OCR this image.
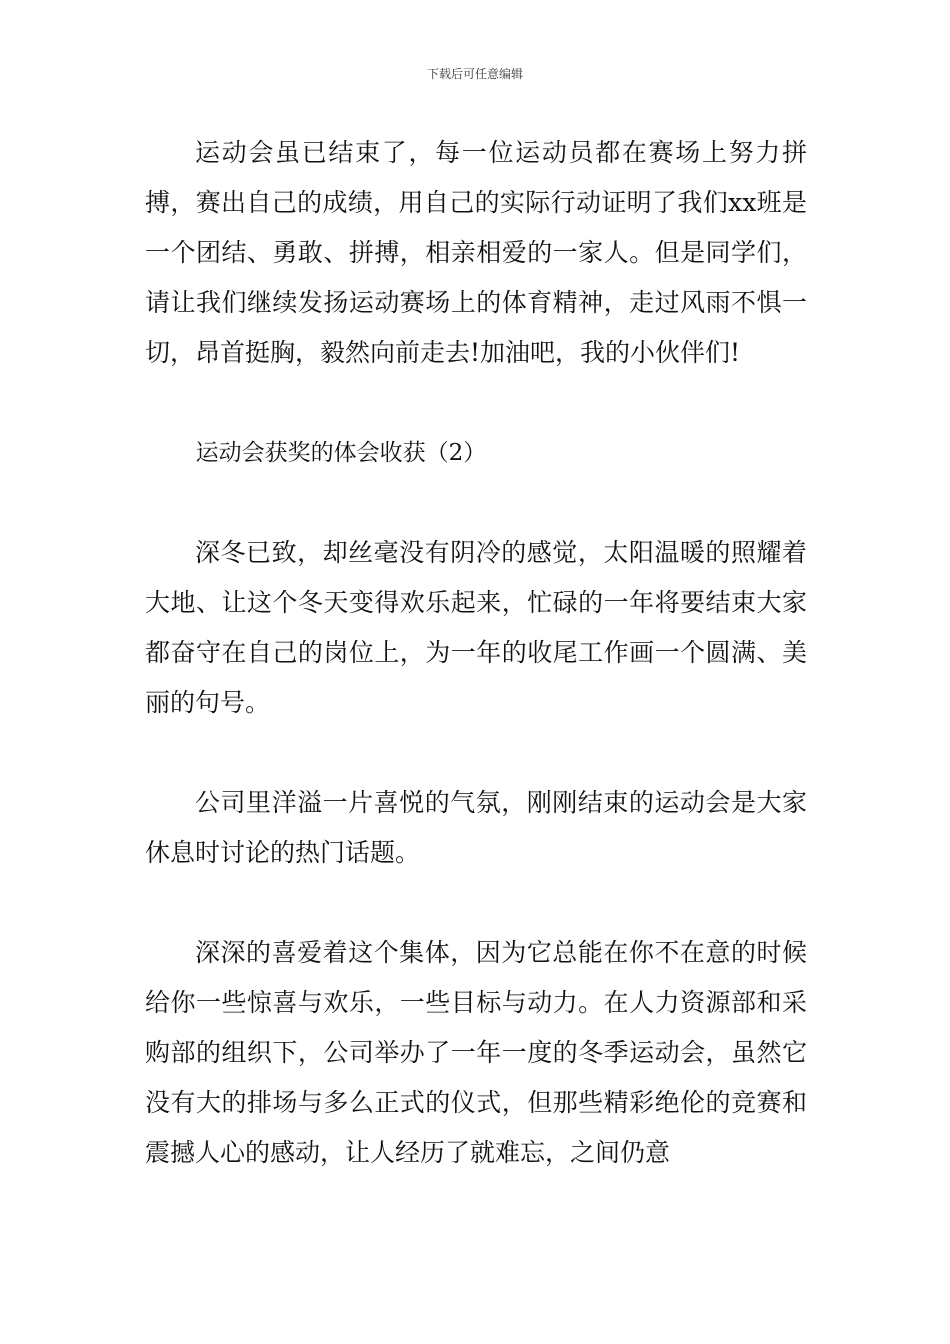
下载后可任意编辑

运动会虽已结束了，每一位运动员都在赛场上努力拼搏，赛出自己的成绩，用自己的实际行动证明了我们xx班是一个团结、勇敢、拼搏，相亲相爱的一家人。但是同学们，请让我们继续发扬运动赛场上的体育精神，走过风雨不惧一切，昂首挺胸，毅然向前走去!加油吧，我的小伙伴们!

运动会获奖的体会收获（2）

深冬已致，却丝毫没有阴冷的感觉，太阳温暖的照耀着大地、让这个冬天变得欢乐起来，忙碌的一年将要结束大家都奋守在自己的岗位上，为一年的收尾工作画一个圆满、美丽的句号。

公司里洋溢一片喜悦的气氛，刚刚结束的运动会是大家休息时讨论的热门话题。

深深的喜爱着这个集体，因为它总能在你不在意的时候给你一些惊喜与欢乐，一些目标与动力。在人力资源部和采购部的组织下，公司举办了一年一度的冬季运动会，虽然它没有大的排场与多么正式的仪式，但那些精彩绝伦的竞赛和震撼人心的感动，让人经历了就难忘，之间仍意
